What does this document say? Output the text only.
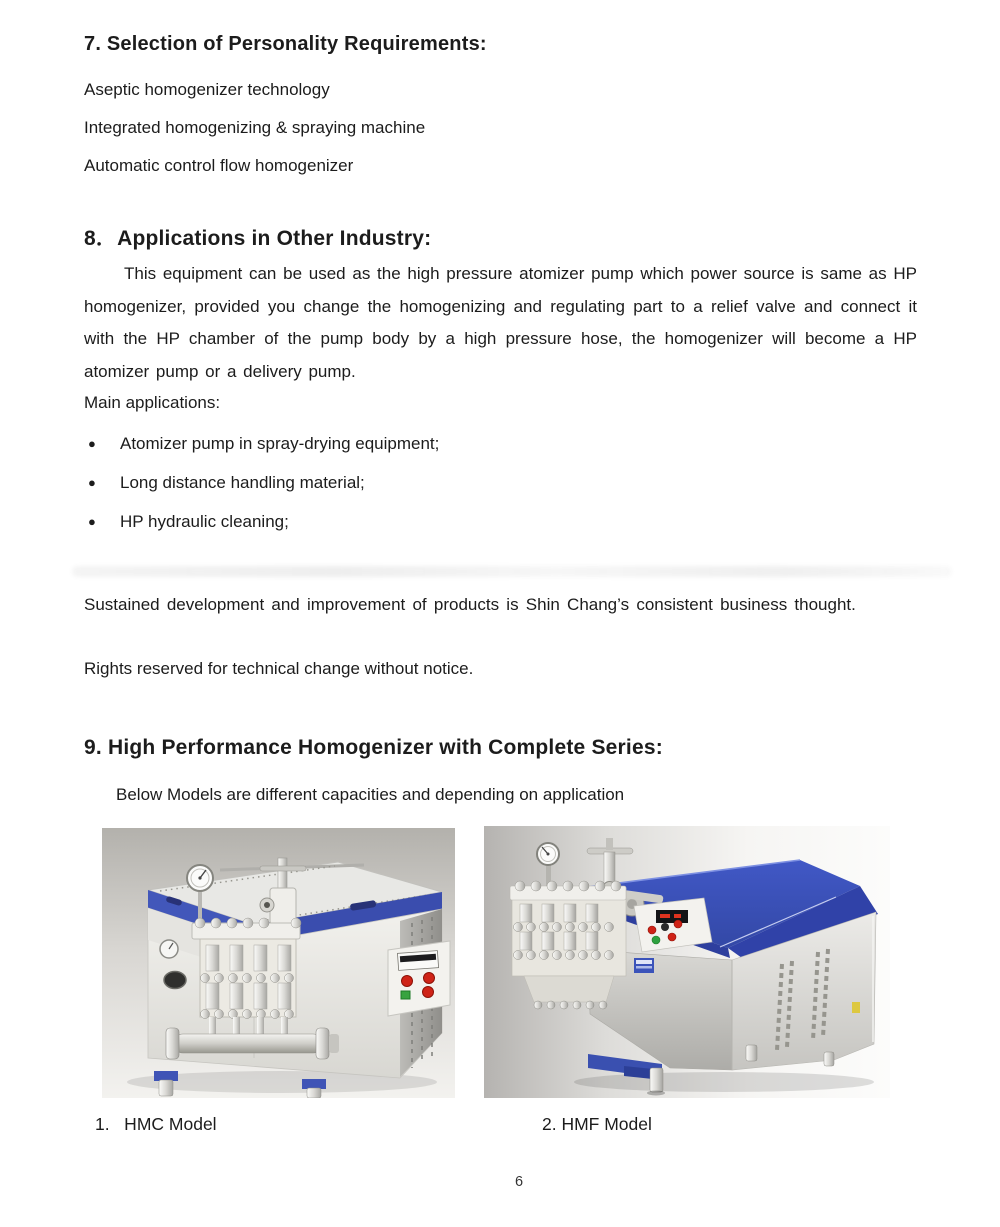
7. Selection of Personality Requirements:

Aseptic homogenizer technology

Integrated homogenizing & spraying machine

Automatic control flow homogenizer

8．Applications in Other Industry:

This equipment can be used as the high pressure atomizer pump which power source is same as HP homogenizer, provided you change the homogenizing and regulating part to a relief valve and connect it with the HP chamber of the pump body by a high pressure hose, the homogenizer will become a HP atomizer pump or a delivery pump.

Main applications:

●	Atomizer pump in spray-drying equipment;
●	Long distance handling material;
●	HP hydraulic cleaning;

Sustained development and improvement of products is Shin Chang’s consistent business thought.

Rights reserved for technical change without notice.

9. High Performance Homogenizer with Complete Series:

Below Models are different capacities and depending on application

1.   HMC Model	2. HMF Model

6
